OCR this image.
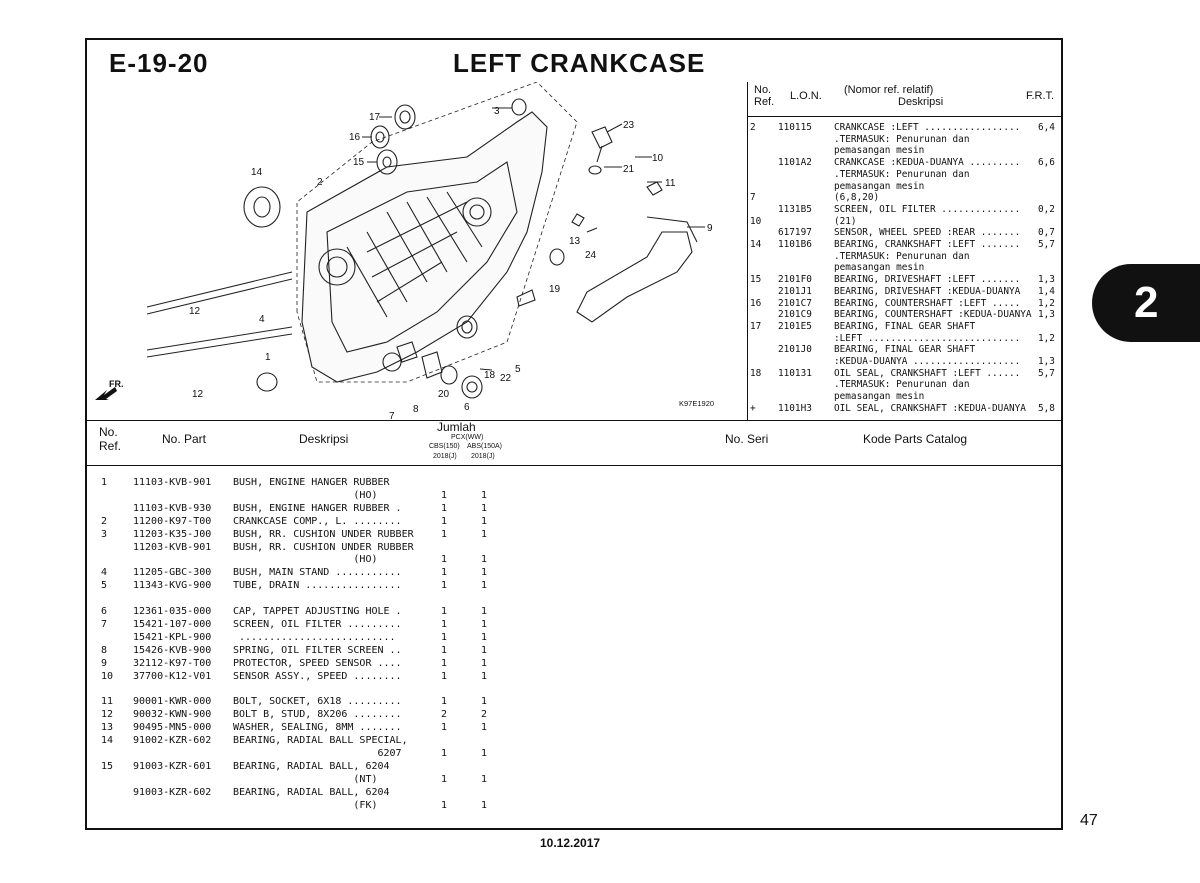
E-19-20	LEFT CRANKCASE
17
16
15
14
2
3
23
21
10
11
9
13
24
19
12
4
1
12
18 22
5
20
7
8	6	K97E1920
FR.
No.
Ref. L.O.N. (Nomor ref. relatif)
Deskripsi	F.R.T.
2 110115 CRANKCASE :LEFT ................. 6,4
.TERMASUK: Penurunan dan
pemasangan mesin
1101A2 CRANKCASE :KEDUA-DUANYA ......... 6,6
.TERMASUK: Penurunan dan
pemasangan mesin
7	(6,8,20)
1131B5 SCREEN, OIL FILTER .............. 0,2
10	(21)
617197 SENSOR, WHEEL SPEED :REAR ....... 0,7
14 1101B6 BEARING, CRANKSHAFT :LEFT ....... 5,7
.TERMASUK: Penurunan dan
pemasangan mesin
15 2101F0 BEARING, DRIVESHAFT :LEFT ....... 1,3
2101J1 BEARING, DRIVESHAFT :KEDUA-DUANYA 1,4
16 2101C7 BEARING, COUNTERSHAFT :LEFT ..... 1,2
2101C9 BEARING, COUNTERSHAFT :KEDUA-DUANYA 1,3
17 2101E5 BEARING, FINAL GEAR SHAFT
:LEFT ........................... 1,2
2101J0 BEARING, FINAL GEAR SHAFT
:KEDUA-DUANYA ................... 1,3
18 110131 OIL SEAL, CRANKSHAFT :LEFT ...... 5,7
.TERMASUK: Penurunan dan
pemasangan mesin
+ 1101H3 OIL SEAL, CRANKSHAFT :KEDUA-DUANYA 5,8
No.
Ref.	No. Part	Deskripsi
Jumlah
PCX(WW)
CBS(150) ABS(150A)
2018(J) 2018(J)
No. Seri	Kode Parts Catalog
1	11103-KVB-901 BUSH, ENGINE HANGER RUBBER
(HO)	1	1
11103-KVB-930 BUSH, ENGINE HANGER RUBBER .	1	1
2	11200-K97-T00 CRANKCASE COMP., L. ........	1	1
3	11203-K35-J00 BUSH, RR. CUSHION UNDER RUBBER	1	1
11203-KVB-901 BUSH, RR. CUSHION UNDER RUBBER
(HO)	1	1
4	11205-GBC-300 BUSH, MAIN STAND ...........	1	1
5	11343-KVG-900 TUBE, DRAIN ................	1	1
6	12361-035-000 CAP, TAPPET ADJUSTING HOLE .	1	1
7	15421-107-000 SCREEN, OIL FILTER .........	1	1
15421-KPL-900 ..........................	1	1
8	15426-KVB-900 SPRING, OIL FILTER SCREEN ..	1	1
9	32112-K97-T00 PROTECTOR, SPEED SENSOR ....	1	1
10 37700-K12-V01 SENSOR ASSY., SPEED ........	1	1
11 90001-KWR-000 BOLT, SOCKET, 6X18 .........	1	1
12 90032-KWN-900 BOLT B, STUD, 8X206 ........	2	2
13 90495-MN5-000 WASHER, SEALING, 8MM .......	1	1
14 91002-KZR-602 BEARING, RADIAL BALL SPECIAL,
6207	1	1
15 91003-KZR-601 BEARING, RADIAL BALL, 6204
(NT)	1	1
91003-KZR-602 BEARING, RADIAL BALL, 6204
(FK)	1	1
2
47
10.12.2017
